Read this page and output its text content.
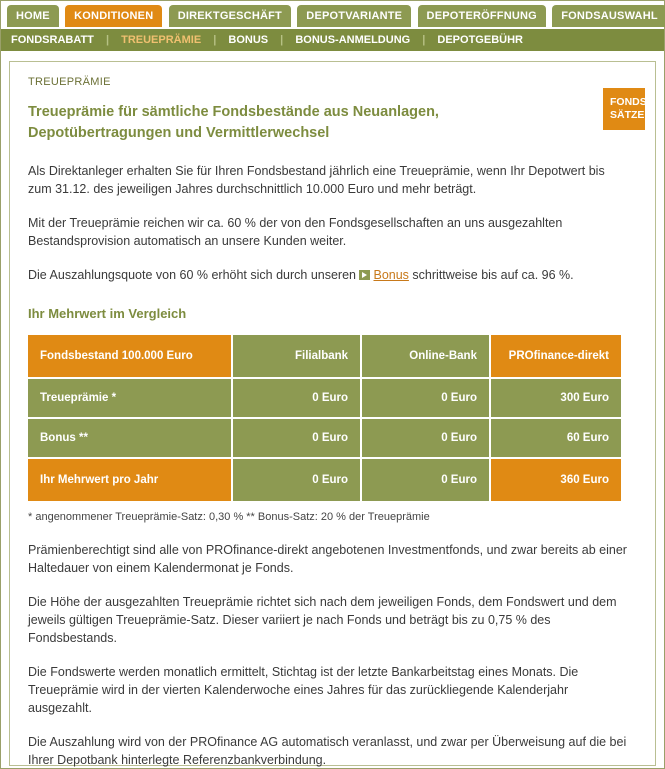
HOME KONDITIONEN DIREKTGESCHÄFT DEPOTVARIANTE DEPOTERÖFFNUNG FONDSAUSWAHL
FONDSRABATT | TREUEPRÄMIE | BONUS | BONUS-ANMELDUNG | DEPOTGEBÜHR
FONDS
SÄTZE
TREUEPRÄMIE
Treueprämie für sämtliche Fondsbestände aus Neuanlagen, Depotübertragungen und Vermittlerwechsel

Als Direktanleger erhalten Sie für Ihren Fondsbestand jährlich eine Treueprämie, wenn Ihr Depotwert bis zum 31.12. des jeweiligen Jahres durchschnittlich 10.000 Euro und mehr beträgt.

Mit der Treueprämie reichen wir ca. 60 % der von den Fondsgesellschaften an uns ausgezahlten Bestandsprovision automatisch an unsere Kunden weiter.

Die Auszahlungsquote von 60 % erhöht sich durch unseren Bonus schrittweise bis auf ca. 96 %.

Ihr Mehrwert im Vergleich
Fondsbestand 100.000 Euro	Filialbank	Online-Bank	PROfinance-direkt
Treueprämie *	0 Euro	0 Euro	300 Euro
Bonus **	0 Euro	0 Euro	60 Euro
Ihr Mehrwert pro Jahr	0 Euro	0 Euro	360 Euro
* angenommener Treueprämie-Satz: 0,30 % ** Bonus-Satz: 20 % der Treueprämie

Prämienberechtigt sind alle von PROfinance-direkt angebotenen Investmentfonds, und zwar bereits ab einer Haltedauer von einem Kalendermonat je Fonds.

Die Höhe der ausgezahlten Treueprämie richtet sich nach dem jeweiligen Fonds, dem Fondswert und dem jeweils gültigen Treueprämie-Satz. Dieser variiert je nach Fonds und beträgt bis zu 0,75 % des Fondsbestands.

Die Fondswerte werden monatlich ermittelt, Stichtag ist der letzte Bankarbeitstag eines Monats. Die Treueprämie wird in der vierten Kalenderwoche eines Jahres für das zurückliegende Kalenderjahr ausgezahlt.

Die Auszahlung wird von der PROfinance AG automatisch veranlasst, und zwar per Überweisung auf die bei Ihrer Depotbank hinterlegte Referenzbankverbindung.
